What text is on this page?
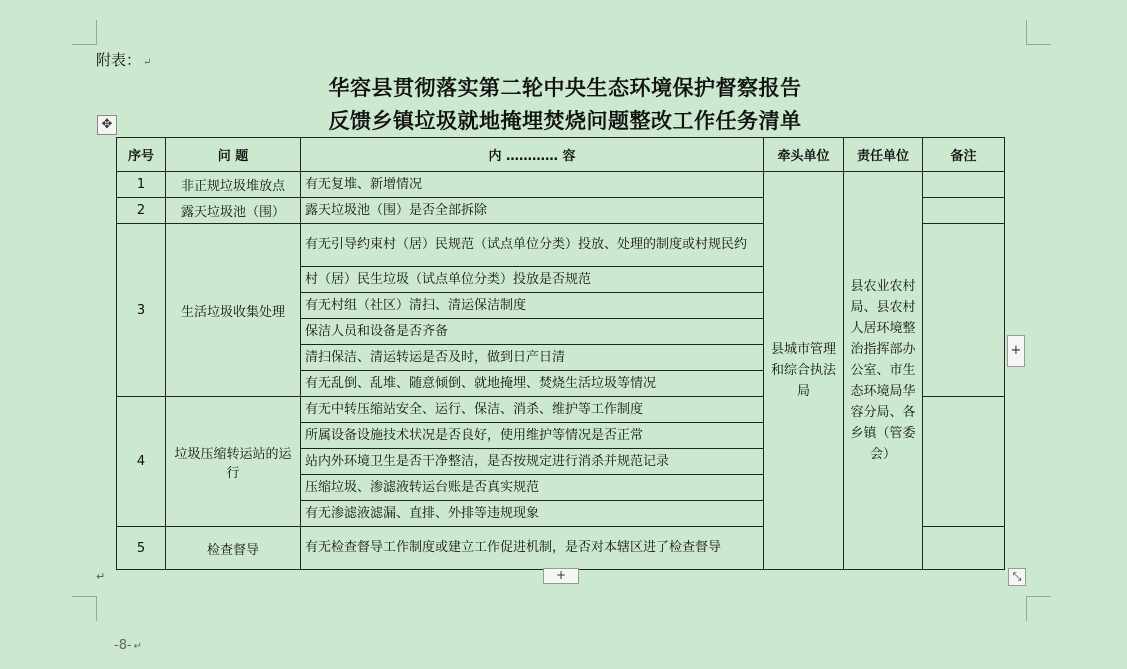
附表： ↵
华容县贯彻落实第二轮中央生态环境保护督察报告
反馈乡镇垃圾就地掩埋焚烧问题整改工作任务清单
✥
序号	问 题	内 ………… 容	牵头单位	责任单位	备注
1	非正规垃圾堆放点	有无复堆、新增情况	县城市管理和综合执法局	县农业农村局、县农村人居环境整治指挥部办公室、市生态环境局华容分局、各乡镇（管委会）	
2	露天垃圾池（围）	露天垃圾池（围）是否全部拆除			
3	生活垃圾收集处理	有无引导约束村（居）民规范（试点单位分类）投放、处理的制度或村规民约			
		村（居）民生垃圾（试点单位分类）投放是否规范			
		有无村组（社区）清扫、清运保洁制度			
		保洁人员和设备是否齐备			
		清扫保洁、清运转运是否及时，做到日产日清			
		有无乱倒、乱堆、随意倾倒、就地掩埋、焚烧生活垃圾等情况			
4	垃圾压缩转运站的运行	有无中转压缩站安全、运行、保洁、消杀、维护等工作制度			
		所属设备设施技术状况是否良好，使用维护等情况是否正常			
		站内外环境卫生是否干净整洁，是否按规定进行消杀并规范记录			
		压缩垃圾、渗滤液转运台账是否真实规范			
		有无渗滤液滤漏、直排、外排等违规现象			
5	检查督导	有无检查督导工作制度或建立工作促进机制，是否对本辖区进了检查督导			
+
+	⤡
↵
-8- ↵
